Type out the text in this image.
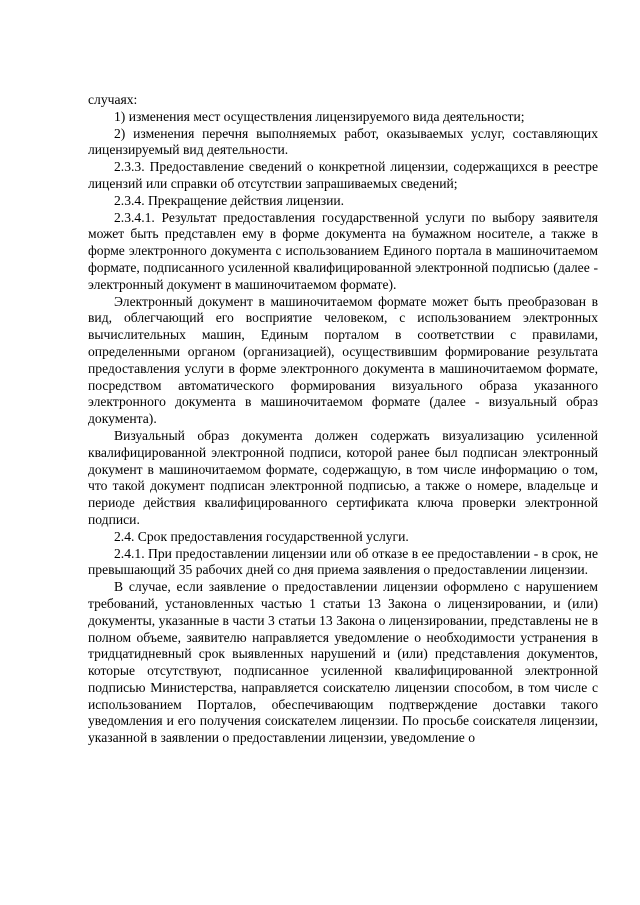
случаях:

1) изменения мест осуществления лицензируемого вида деятельности;

2) изменения перечня выполняемых работ, оказываемых услуг, составляющих лицензируемый вид деятельности.

2.3.3. Предоставление сведений о конкретной лицензии, содержащихся в реестре лицензий или справки об отсутствии запрашиваемых сведений;

2.3.4. Прекращение действия лицензии.

2.3.4.1. Результат предоставления государственной услуги по выбору заявителя может быть представлен ему в форме документа на бумажном носителе, а также в форме электронного документа с использованием Единого портала в машиночитаемом формате, подписанного усиленной квалифицированной электронной подписью (далее - электронный документ в машиночитаемом формате).

Электронный документ в машиночитаемом формате может быть преобразован в вид, облегчающий его восприятие человеком, с использованием электронных вычислительных машин, Единым порталом в соответствии с правилами, определенными органом (организацией), осуществившим формирование результата предоставления услуги в форме электронного документа в машиночитаемом формате, посредством автоматического формирования визуального образа указанного электронного документа в машиночитаемом формате (далее - визуальный образ документа).

Визуальный образ документа должен содержать визуализацию усиленной квалифицированной электронной подписи, которой ранее был подписан электронный документ в машиночитаемом формате, содержащую, в том числе информацию о том, что такой документ подписан электронной подписью, а также о номере, владельце и периоде действия квалифицированного сертификата ключа проверки электронной подписи.

2.4. Срок предоставления государственной услуги.

2.4.1. При предоставлении лицензии или об отказе в ее предоставлении - в срок, не превышающий 35 рабочих дней со дня приема заявления о предоставлении лицензии.

В случае, если заявление о предоставлении лицензии оформлено с нарушением требований, установленных частью 1 статьи 13 Закона о лицензировании, и (или) документы, указанные в части 3 статьи 13 Закона о лицензировании, представлены не в полном объеме, заявителю направляется уведомление о необходимости устранения в тридцатидневный срок выявленных нарушений и (или) представления документов, которые отсутствуют, подписанное усиленной квалифицированной электронной подписью Министерства, направляется соискателю лицензии способом, в том числе с использованием Порталов, обеспечивающим подтверждение доставки такого уведомления и его получения соискателем лицензии. По просьбе соискателя лицензии, указанной в заявлении о предоставлении лицензии, уведомление о
